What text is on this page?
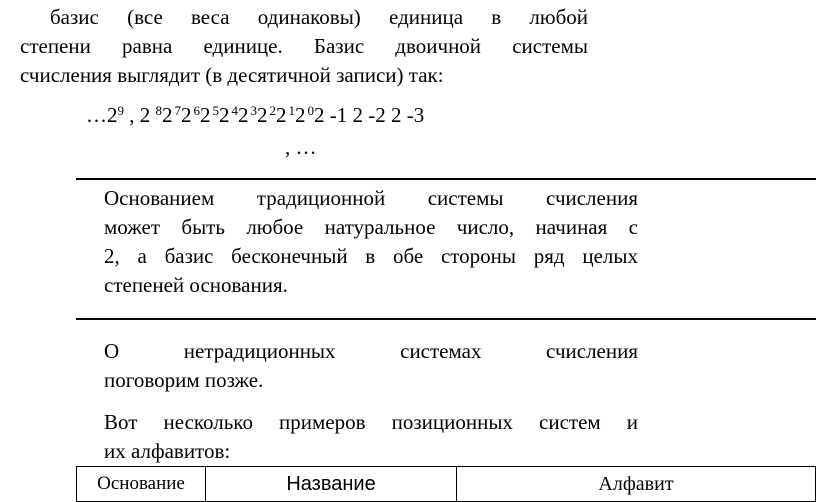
базис (все веса одинаковы) единица в любой
степени равна единице. Базис двоичной системы
счисления выглядит (в десятичной записи) так:
$\dots 2^9$ , 2 $^8$2 $^7$2 $^6$2 $^5$2 $^4$2 $^3$2 $^2$2 $^1$2 $^0$2 -1 2 -2 2 -3
, …
Основанием традиционной системы счисления
может быть любое натуральное число, начиная с
2, а базис бесконечный в обе стороны ряд целых
степеней основания.
О нетрадиционных системах счисления
поговорим позже.
Вот несколько примеров позиционных систем и
их алфавитов:
Основание	Название	Алфавит
